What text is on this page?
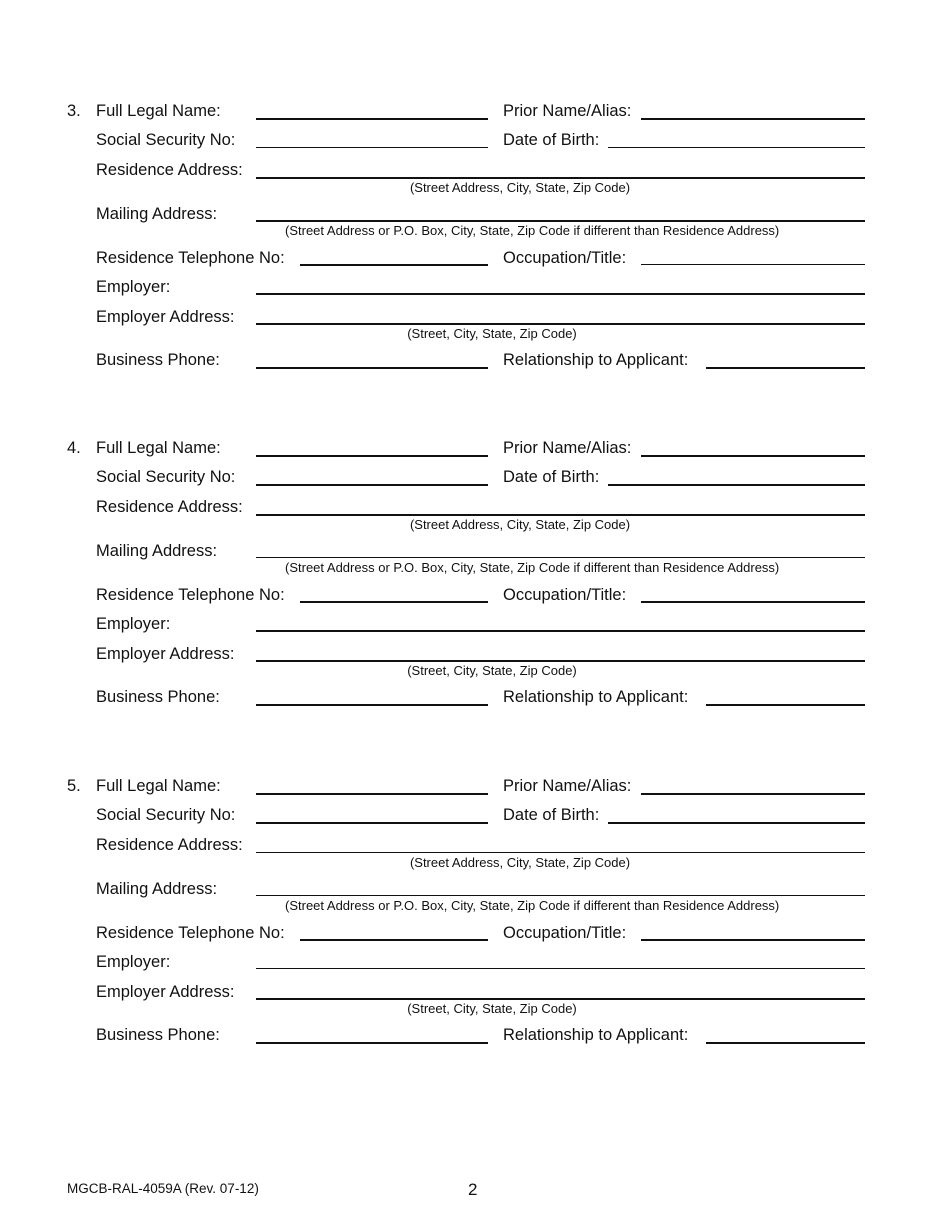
3. Full Legal Name:	Prior Name/Alias:
Social Security No:	Date of Birth:
Residence Address:
(Street Address, City, State, Zip Code)
Mailing Address:
(Street Address or P.O. Box, City, State, Zip Code if different than Residence Address)
Residence Telephone No:	Occupation/Title:
Employer:
Employer Address:
(Street, City, State, Zip Code)
Business Phone:	Relationship to Applicant:
4. Full Legal Name:	Prior Name/Alias:
Social Security No:	Date of Birth:
Residence Address:
(Street Address, City, State, Zip Code)
Mailing Address:
(Street Address or P.O. Box, City, State, Zip Code if different than Residence Address)
Residence Telephone No:	Occupation/Title:
Employer:
Employer Address:
(Street, City, State, Zip Code)
Business Phone:	Relationship to Applicant:
5. Full Legal Name:	Prior Name/Alias:
Social Security No:	Date of Birth:
Residence Address:
(Street Address, City, State, Zip Code)
Mailing Address:
(Street Address or P.O. Box, City, State, Zip Code if different than Residence Address)
Residence Telephone No:	Occupation/Title:
Employer:
Employer Address:
(Street, City, State, Zip Code)
Business Phone:	Relationship to Applicant:
MGCB-RAL-4059A (Rev. 07-12)	2
